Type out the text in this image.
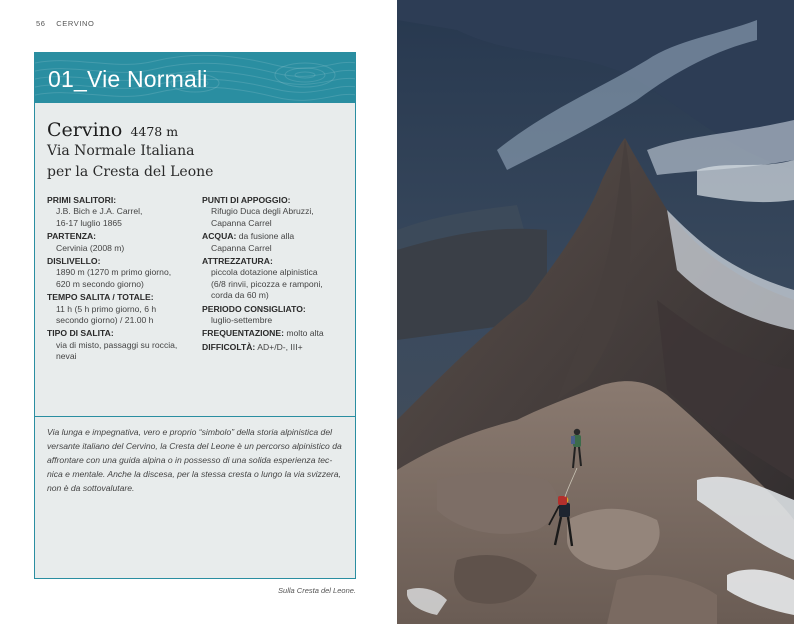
56 CERVINO
01_Vie Normali
Cervino 4478 m
Via Normale Italiana
per la Cresta del Leone
PRIMI SALITORI:
J.B. Bich e J.A. Carrel,
16-17 luglio 1865
PARTENZA:
Cervinia (2008 m)
DISLIVELLO:
1890 m (1270 m primo giorno,
620 m secondo giorno)
TEMPO SALITA / TOTALE:
11 h (5 h primo giorno, 6 h
secondo giorno) / 21.00 h
TIPO DI SALITA:
via di misto, passaggi su roccia,
nevai
PUNTI DI APPOGGIO:
Rifugio Duca degli Abruzzi,
Capanna Carrel
ACQUA: da fusione alla
Capanna Carrel
ATTREZZATURA:
piccola dotazione alpinistica
(6/8 rinvii, picozza e ramponi,
corda da 60 m)
PERIODO CONSIGLIATO:
luglio-settembre
FREQUENTAZIONE: molto alta
DIFFICOLTÀ: AD+/D-, III+
Via lunga e impegnativa, vero e proprio “simbolo” della storia alpinistica del
versante italiano del Cervino, la Cresta del Leone è un percorso alpinistico da
affrontare con una guida alpina o in possesso di una solida esperienza tec-
nica e mentale. Anche la discesa, per la stessa cresta o lungo la via svizzera,
non è da sottovalutare.
Sulla Cresta del Leone.
